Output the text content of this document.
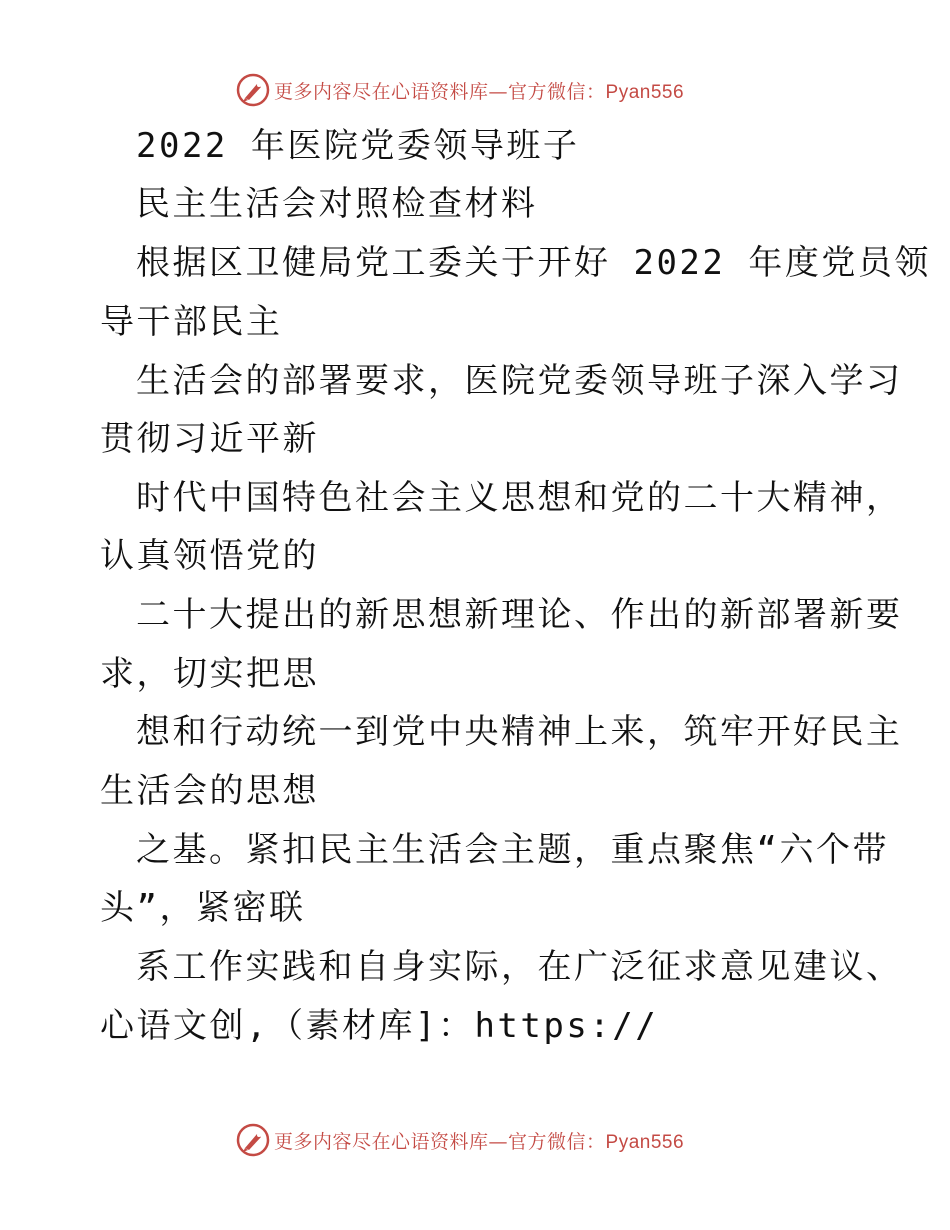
更多内容尽在心语资料库—官方微信：Pyan556
2022 年医院党委领导班子
民主生活会对照检查材料
根据区卫健局党工委关于开好 2022 年度党员领
导干部民主
生活会的部署要求，医院党委领导班子深入学习
贯彻习近平新
时代中国特色社会主义思想和党的二十大精神，
认真领悟党的
二十大提出的新思想新理论、作出的新部署新要
求，切实把思
想和行动统一到党中央精神上来，筑牢开好民主
生活会的思想
之基。紧扣民主生活会主题，重点聚焦“六个带
头”，紧密联
系工作实践和自身实际，在广泛征求意见建议、
心语文创,（素材库]：https://
更多内容尽在心语资料库—官方微信：Pyan556
